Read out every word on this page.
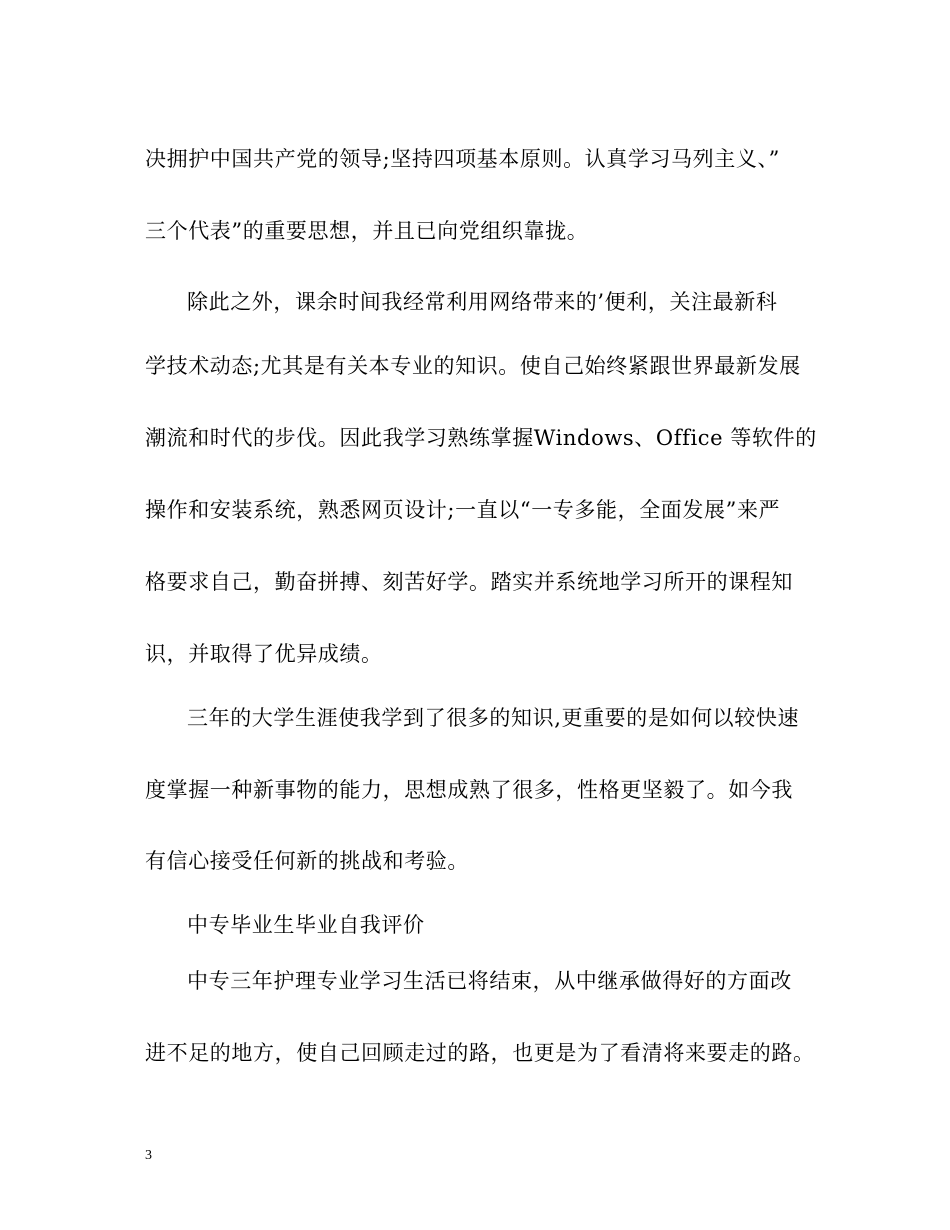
决拥护中国共产党的领导;坚持四项基本原则。认真学习马列主义、”
三个代表”的重要思想，并且已向党组织靠拢。
除此之外，课余时间我经常利用网络带来的’便利，关注最新科
学技术动态;尤其是有关本专业的知识。使自己始终紧跟世界最新发展
潮流和时代的步伐。因此我学习熟练掌握Windows、Office 等软件的
操作和安装系统，熟悉网页设计;一直以“一专多能，全面发展”来严
格要求自己，勤奋拼搏、刻苦好学。踏实并系统地学习所开的课程知
识，并取得了优异成绩。
三年的大学生涯使我学到了很多的知识,更重要的是如何以较快速
度掌握一种新事物的能力，思想成熟了很多，性格更坚毅了。如今我
有信心接受任何新的挑战和考验。
中专毕业生毕业自我评价
中专三年护理专业学习生活已将结束，从中继承做得好的方面改
进不足的地方，使自己回顾走过的路，也更是为了看清将来要走的路。
3
